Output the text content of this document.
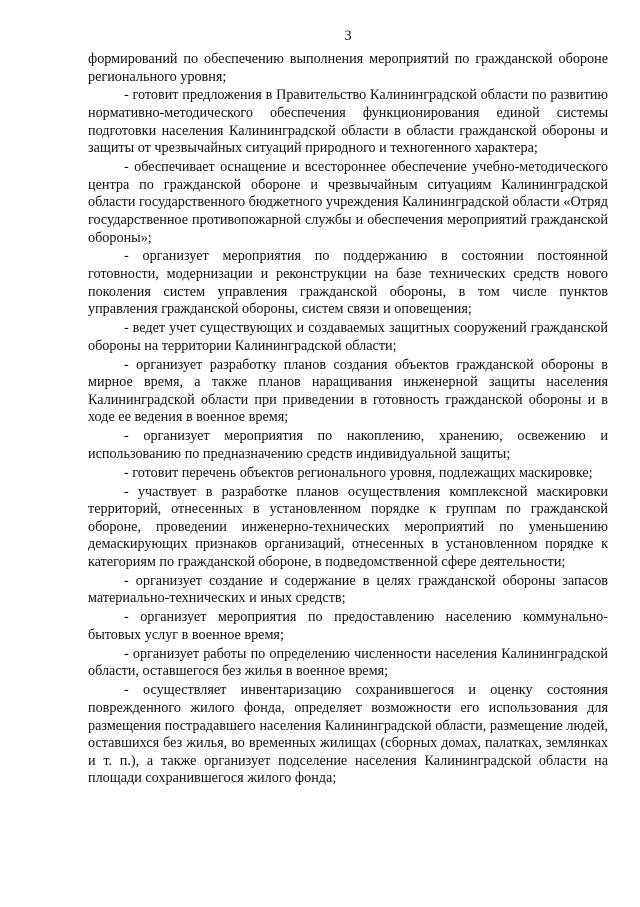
3

формирований по обеспечению выполнения мероприятий по гражданской обороне регионального уровня;

- готовит предложения в Правительство Калининградской области по развитию нормативно-методического обеспечения функционирования единой системы подготовки населения Калининградской области в области гражданской обороны и защиты от чрезвычайных ситуаций природного и техногенного характера;

- обеспечивает оснащение и всестороннее обеспечение учебно-методического центра по гражданской обороне и чрезвычайным ситуациям Калининградской области государственного бюджетного учреждения Калининградской области «Отряд государственное противопожарной службы и обеспечения мероприятий гражданской обороны»;

- организует мероприятия по поддержанию в состоянии постоянной готовности, модернизации и реконструкции на базе технических средств нового поколения систем управления гражданской обороны, в том числе пунктов управления гражданской обороны, систем связи и оповещения;

- ведет учет существующих и создаваемых защитных сооружений гражданской обороны на территории Калининградской области;

- организует разработку планов создания объектов гражданской обороны в мирное время, а также планов наращивания инженерной защиты населения Калининградской области при приведении в готовность гражданской обороны и в ходе ее ведения в военное время;

- организует мероприятия по накоплению, хранению, освежению и использованию по предназначению средств индивидуальной защиты;

- готовит перечень объектов регионального уровня, подлежащих маскировке;

- участвует в разработке планов осуществления комплексной маскировки территорий, отнесенных в установленном порядке к группам по гражданской обороне, проведении инженерно-технических мероприятий по уменьшению демаскирующих признаков организаций, отнесенных в установленном порядке к категориям по гражданской обороне, в подведомственной сфере деятельности;

- организует создание и содержание в целях гражданской обороны запасов материально-технических и иных средств;

- организует мероприятия по предоставлению населению коммунально-бытовых услуг в военное время;

- организует работы по определению численности населения Калининградской области, оставшегося без жилья в военное время;

- осуществляет инвентаризацию сохранившегося и оценку состояния поврежденного жилого фонда, определяет возможности его использования для размещения пострадавшего населения Калининградской области, размещение людей, оставшихся без жилья, во временных жилищах (сборных домах, палатках, землянках и т. п.), а также организует подселение населения Калининградской области на площади сохранившегося жилого фонда;
